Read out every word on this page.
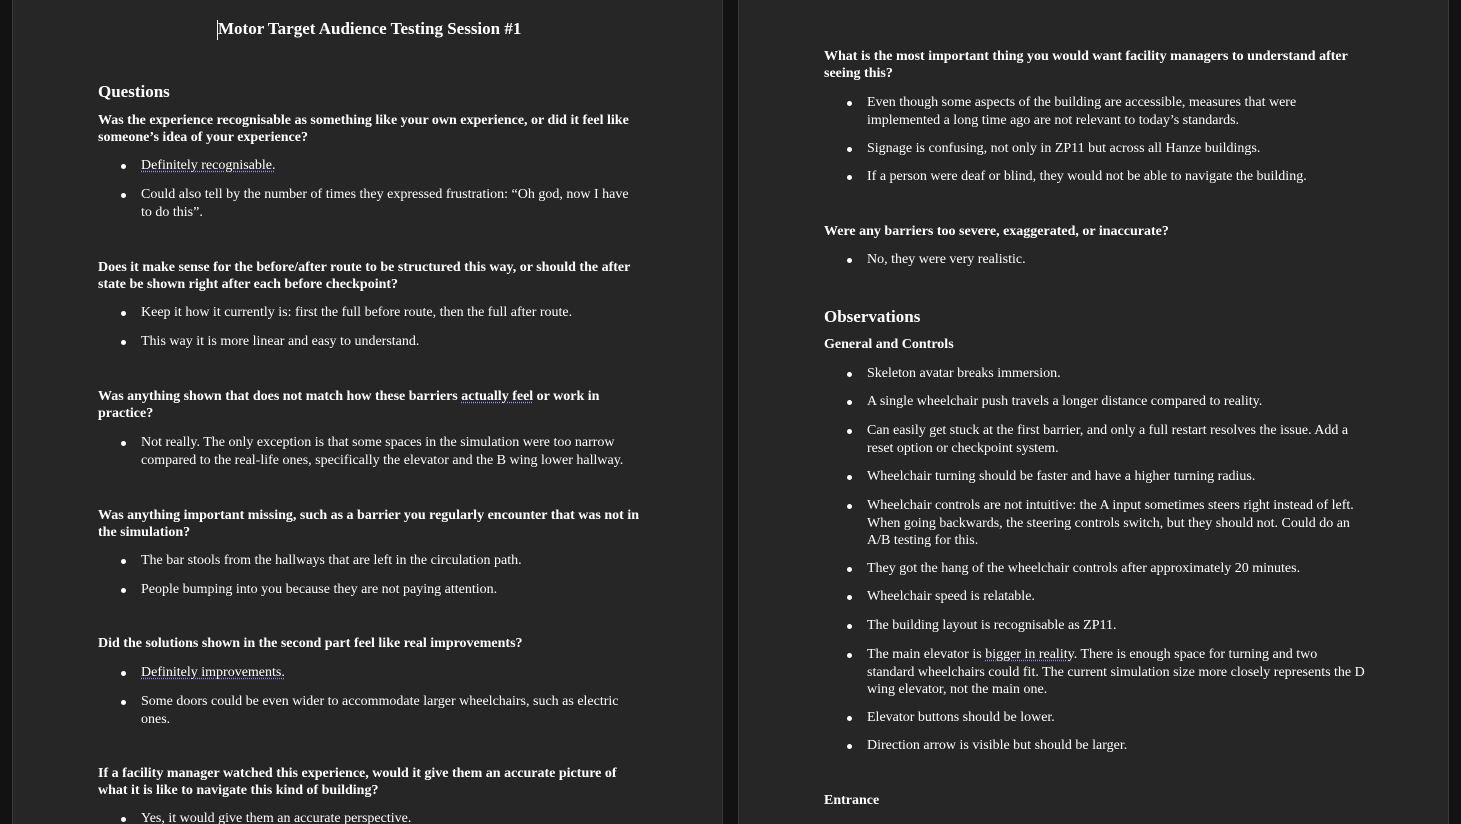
Motor Target Audience Testing Session #1
Questions
Was the experience recognisable as something like your own experience, or did it feel like someone’s idea of your experience?
Definitely recognisable.
Could also tell by the number of times they expressed frustration: “Oh god, now I have to do this”.
Does it make sense for the before/after route to be structured this way, or should the after state be shown right after each before checkpoint?
Keep it how it currently is: first the full before route, then the full after route.
This way it is more linear and easy to understand.
Was anything shown that does not match how these barriers actually feel or work in practice?
Not really. The only exception is that some spaces in the simulation were too narrow compared to the real-life ones, specifically the elevator and the B wing lower hallway.
Was anything important missing, such as a barrier you regularly encounter that was not in the simulation?
The bar stools from the hallways that are left in the circulation path.
People bumping into you because they are not paying attention.
Did the solutions shown in the second part feel like real improvements?
Definitely improvements.
Some doors could be even wider to accommodate larger wheelchairs, such as electric ones.
If a facility manager watched this experience, would it give them an accurate picture of what it is like to navigate this kind of building?
Yes, it would give them an accurate perspective.
What is the most important thing you would want facility managers to understand after seeing this?
Even though some aspects of the building are accessible, measures that were implemented a long time ago are not relevant to today’s standards.
Signage is confusing, not only in ZP11 but across all Hanze buildings.
If a person were deaf or blind, they would not be able to navigate the building.
Were any barriers too severe, exaggerated, or inaccurate?
No, they were very realistic.
Observations
General and Controls
Skeleton avatar breaks immersion.
A single wheelchair push travels a longer distance compared to reality.
Can easily get stuck at the first barrier, and only a full restart resolves the issue. Add a reset option or checkpoint system.
Wheelchair turning should be faster and have a higher turning radius.
Wheelchair controls are not intuitive: the A input sometimes steers right instead of left. When going backwards, the steering controls switch, but they should not. Could do an A/B testing for this.
They got the hang of the wheelchair controls after approximately 20 minutes.
Wheelchair speed is relatable.
The building layout is recognisable as ZP11.
The main elevator is bigger in reality. There is enough space for turning and two standard wheelchairs could fit. The current simulation size more closely represents the D wing elevator, not the main one.
Elevator buttons should be lower.
Direction arrow is visible but should be larger.
Entrance
